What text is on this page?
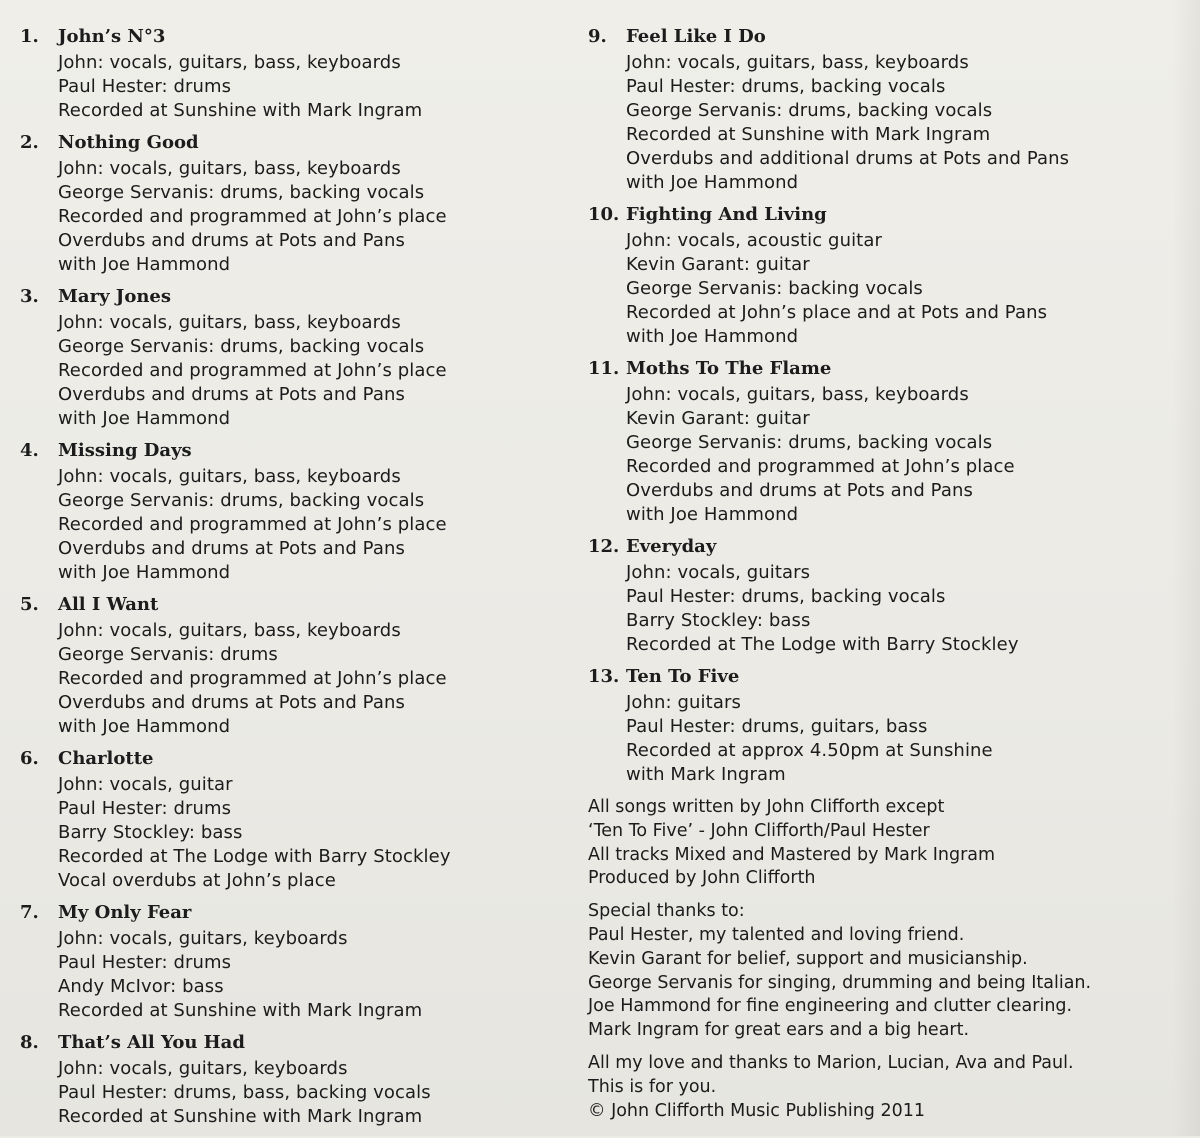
1.	John’s N°3
John: vocals, guitars, bass, keyboards
Paul Hester: drums
Recorded at Sunshine with Mark Ingram
2.	Nothing Good
John: vocals, guitars, bass, keyboards
George Servanis: drums, backing vocals
Recorded and programmed at John’s place
Overdubs and drums at Pots and Pans
with Joe Hammond
3.	Mary Jones
John: vocals, guitars, bass, keyboards
George Servanis: drums, backing vocals
Recorded and programmed at John’s place
Overdubs and drums at Pots and Pans
with Joe Hammond
4.	Missing Days
John: vocals, guitars, bass, keyboards
George Servanis: drums, backing vocals
Recorded and programmed at John’s place
Overdubs and drums at Pots and Pans
with Joe Hammond
5.	All I Want
John: vocals, guitars, bass, keyboards
George Servanis: drums
Recorded and programmed at John’s place
Overdubs and drums at Pots and Pans
with Joe Hammond
6.	Charlotte
John: vocals, guitar
Paul Hester: drums
Barry Stockley: bass
Recorded at The Lodge with Barry Stockley
Vocal overdubs at John’s place
7.	My Only Fear
John: vocals, guitars, keyboards
Paul Hester: drums
Andy McIvor: bass
Recorded at Sunshine with Mark Ingram
8.	That’s All You Had
John: vocals, guitars, keyboards
Paul Hester: drums, bass, backing vocals
Recorded at Sunshine with Mark Ingram
9.	Feel Like I Do
John: vocals, guitars, bass, keyboards
Paul Hester: drums, backing vocals
George Servanis: drums, backing vocals
Recorded at Sunshine with Mark Ingram
Overdubs and additional drums at Pots and Pans
with Joe Hammond
10. Fighting And Living
John: vocals, acoustic guitar
Kevin Garant: guitar
George Servanis: backing vocals
Recorded at John’s place and at Pots and Pans
with Joe Hammond
11. Moths To The Flame
John: vocals, guitars, bass, keyboards
Kevin Garant: guitar
George Servanis: drums, backing vocals
Recorded and programmed at John’s place
Overdubs and drums at Pots and Pans
with Joe Hammond
12. Everyday
John: vocals, guitars
Paul Hester: drums, backing vocals
Barry Stockley: bass
Recorded at The Lodge with Barry Stockley
13. Ten To Five
John: guitars
Paul Hester: drums, guitars, bass
Recorded at approx 4.50pm at Sunshine
with Mark Ingram
All songs written by John Clifforth except
‘Ten To Five’ - John Clifforth/Paul Hester
All tracks Mixed and Mastered by Mark Ingram
Produced by John Clifforth
Special thanks to:
Paul Hester, my talented and loving friend.
Kevin Garant for belief, support and musicianship.
George Servanis for singing, drumming and being Italian.
Joe Hammond for fine engineering and clutter clearing.
Mark Ingram for great ears and a big heart.
All my love and thanks to Marion, Lucian, Ava and Paul.
This is for you.
© John Clifforth Music Publishing 2011
